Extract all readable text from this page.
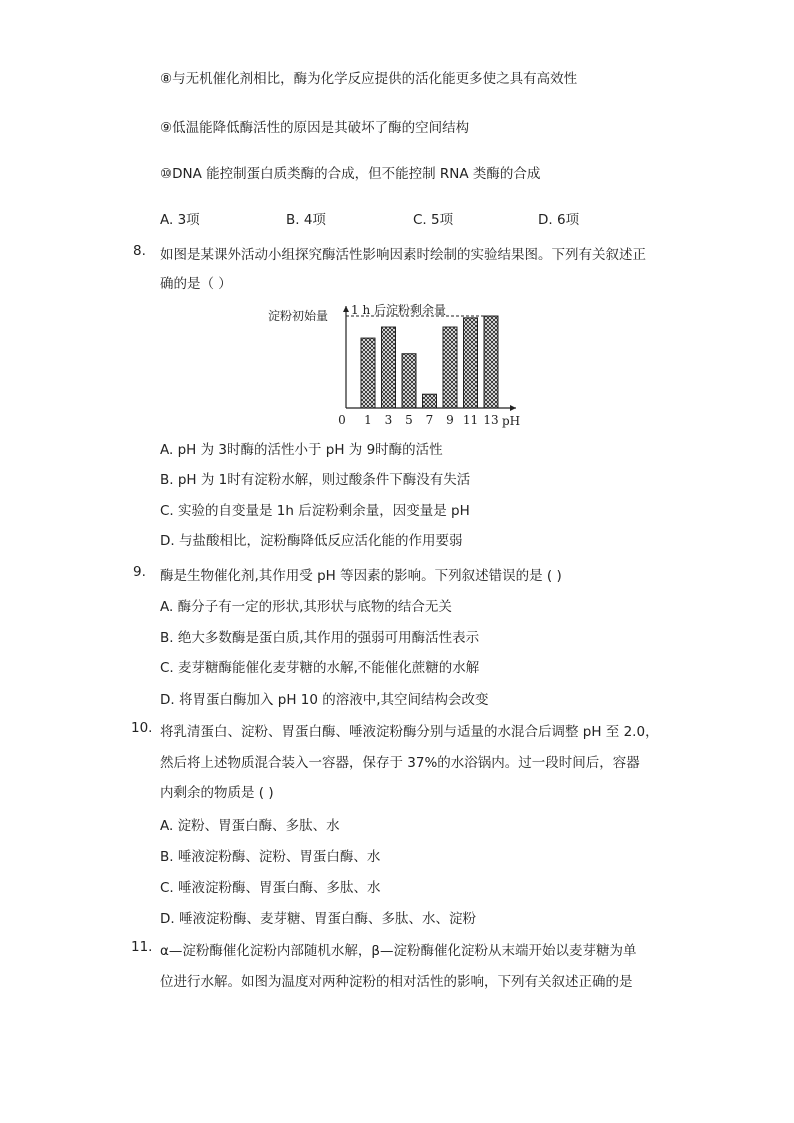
⑧与无机催化剂相比，酶为化学反应提供的活化能更多使之具有高效性
⑨低温能降低酶活性的原因是其破坏了酶的空间结构
⑩DNA 能控制蛋白质类酶的合成，但不能控制 RNA 类酶的合成
A. 3项	B. 4项	C. 5项	D. 6项
8. 如图是某课外活动小组探究酶活性影响因素时绘制的实验结果图。下列有关叙述正
确的是（ ）
1 h 后淀粉剩余量
pH
淀粉初始量
0 1 3 5 7 9 11 13
A. pH 为 3时酶的活性小于 pH 为 9时酶的活性
B. pH 为 1时有淀粉水解，则过酸条件下酶没有失活
C. 实验的自变量是 1h 后淀粉剩余量，因变量是 pH
D. 与盐酸相比，淀粉酶降低反应活化能的作用要弱
9. 酶是生物催化剂,其作用受 pH 等因素的影响。下列叙述错误的是 ( )
A. 酶分子有一定的形状,其形状与底物的结合无关
B. 绝大多数酶是蛋白质,其作用的强弱可用酶活性表示
C. 麦芽糖酶能催化麦芽糖的水解,不能催化蔗糖的水解
D. 将胃蛋白酶加入 pH 10 的溶液中,其空间结构会改变
10. 将乳清蛋白、淀粉、胃蛋白酶、唾液淀粉酶分别与适量的水混合后调整 pH 至 2.0，
然后将上述物质混合装入一容器，保存于 37%的水浴锅内。过一段时间后，容器
内剩余的物质是 ( )
A. 淀粉、胃蛋白酶、多肽、水
B. 唾液淀粉酶、淀粉、胃蛋白酶、水
C. 唾液淀粉酶、胃蛋白酶、多肽、水
D. 唾液淀粉酶、麦芽糖、胃蛋白酶、多肽、水、淀粉
11. α—淀粉酶催化淀粉内部随机水解，β—淀粉酶催化淀粉从末端开始以麦芽糖为单
位进行水解。如图为温度对两种淀粉的相对活性的影响，下列有关叙述正确的是
